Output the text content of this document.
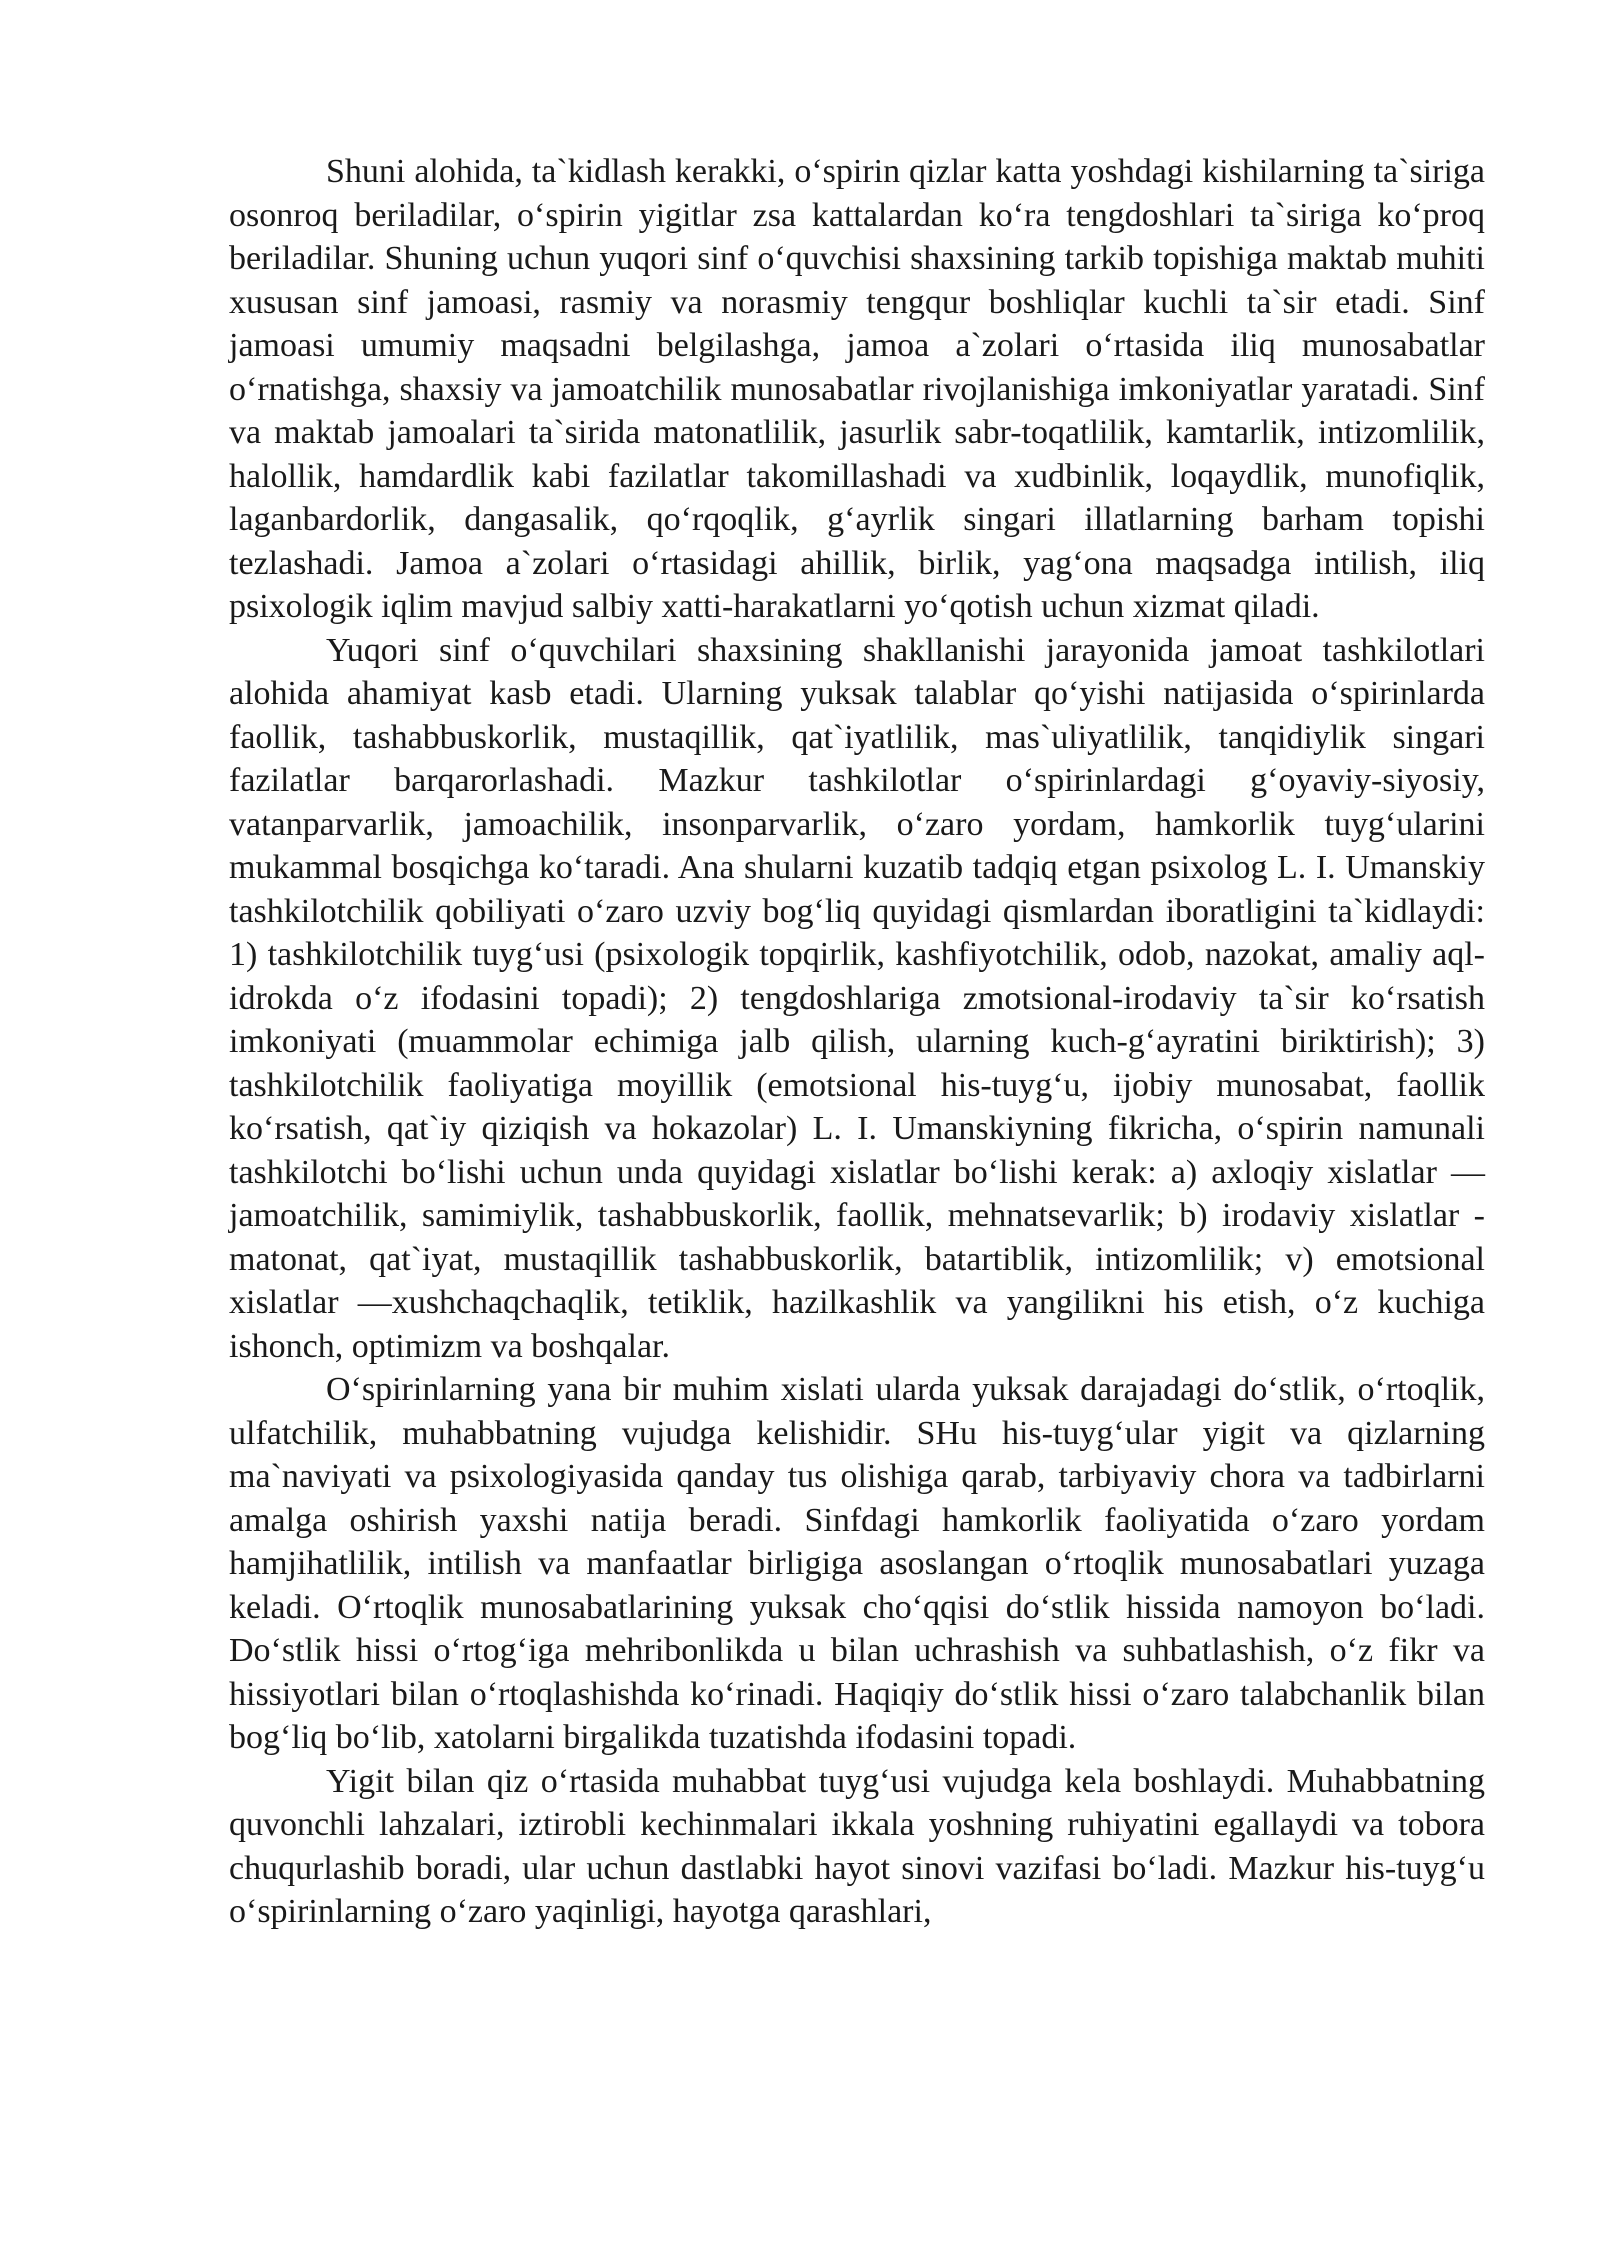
Shuni alohida, ta`kidlash kerakki, o‘spirin qizlar katta yoshdagi kishilarning ta`siriga osonroq beriladilar, o‘spirin yigitlar zsa kattalardan ko‘ra tengdoshlari ta`siriga ko‘proq beriladilar. Shuning uchun yuqori sinf o‘quvchisi shaxsining tarkib topishiga maktab muhiti xususan sinf jamoasi, rasmiy va norasmiy tengqur boshliqlar kuchli ta`sir etadi. Sinf jamoasi umumiy maqsadni belgilashga, jamoa a`zolari o‘rtasida iliq munosabatlar o‘rnatishga, shaxsiy va jamoatchilik munosabatlar rivojlanishiga imkoniyatlar yaratadi. Sinf va maktab jamoalari ta`sirida matonatlilik, jasurlik sabr-toqatlilik, kamtarlik, intizomlilik, halollik, hamdardlik kabi fazilatlar takomillashadi va xudbinlik, loqaydlik, munofiqlik, laganbardorlik, dangasalik, qo‘rqoqlik, g‘ayrlik singari illatlarning barham topishi tezlashadi. Jamoa a`zolari o‘rtasidagi ahillik, birlik, yag‘ona maqsadga intilish, iliq psixologik iqlim mavjud salbiy xatti-harakatlarni yo‘qotish uchun xizmat qiladi.

Yuqori sinf o‘quvchilari shaxsining shakllanishi jarayonida jamoat tashkilotlari alohida ahamiyat kasb etadi. Ularning yuksak talablar qo‘yishi natijasida o‘spirinlarda faollik, tashabbuskorlik, mustaqillik, qat`iyatlilik, mas`uliyatlilik, tanqidiylik singari fazilatlar barqarorlashadi. Mazkur tashkilotlar o‘spirinlardagi g‘oyaviy-siyosiy, vatanparvarlik, jamoachilik, insonparvarlik, o‘zaro yordam, hamkorlik tuyg‘ularini mukammal bosqichga ko‘taradi. Ana shularni kuzatib tadqiq etgan psixolog L. I. Umanskiy tashkilotchilik qobiliyati o‘zaro uzviy bog‘liq quyidagi qismlardan iboratligini ta`kidlaydi: 1) tashkilotchilik tuyg‘usi (psixologik topqirlik, kashfiyotchilik, odob, nazokat, amaliy aql-idrokda o‘z ifodasini topadi); 2) tengdoshlariga zmotsional-irodaviy ta`sir ko‘rsatish imkoniyati (muammolar echimiga jalb qilish, ularning kuch-g‘ayratini biriktirish); 3) tashkilotchilik faoliyatiga moyillik (emotsional his-tuyg‘u, ijobiy munosabat, faollik ko‘rsatish, qat`iy qiziqish va hokazolar) L. I. Umanskiyning fikricha, o‘spirin namunali tashkilotchi bo‘lishi uchun unda quyidagi xislatlar bo‘lishi kerak: a) axloqiy xislatlar — jamoatchilik, samimiylik, tashabbuskorlik, faollik, mehnatsevarlik; b) irodaviy xislatlar - matonat, qat`iyat, mustaqillik tashabbuskorlik, batartiblik, intizomlilik; v) emotsional xislatlar —xushchaqchaqlik, tetiklik, hazilkashlik va yangilikni his etish, o‘z kuchiga ishonch, optimizm va boshqalar.

O‘spirinlarning yana bir muhim xislati ularda yuksak darajadagi do‘stlik, o‘rtoqlik, ulfatchilik, muhabbatning vujudga kelishidir. SHu his-tuyg‘ular yigit va qizlarning ma`naviyati va psixologiyasida qanday tus olishiga qarab, tarbiyaviy chora va tadbirlarni amalga oshirish yaxshi natija beradi. Sinfdagi hamkorlik faoliyatida o‘zaro yordam hamjihatlilik, intilish va manfaatlar birligiga asoslangan o‘rtoqlik munosabatlari yuzaga keladi. O‘rtoqlik munosabatlarining yuksak cho‘qqisi do‘stlik hissida namoyon bo‘ladi. Do‘stlik hissi o‘rtog‘iga mehribonlikda u bilan uchrashish va suhbatlashish, o‘z fikr va hissiyotlari bilan o‘rtoqlashishda ko‘rinadi. Haqiqiy do‘stlik hissi o‘zaro talabchanlik bilan bog‘liq bo‘lib, xatolarni birgalikda tuzatishda ifodasini topadi.

Yigit bilan qiz o‘rtasida muhabbat tuyg‘usi vujudga kela boshlaydi. Muhabbatning quvonchli lahzalari, iztirobli kechinmalari ikkala yoshning ruhiyatini egallaydi va tobora chuqurlashib boradi, ular uchun dastlabki hayot sinovi vazifasi bo‘ladi. Mazkur his-tuyg‘u o‘spirinlarning o‘zaro yaqinligi, hayotga qarashlari,
